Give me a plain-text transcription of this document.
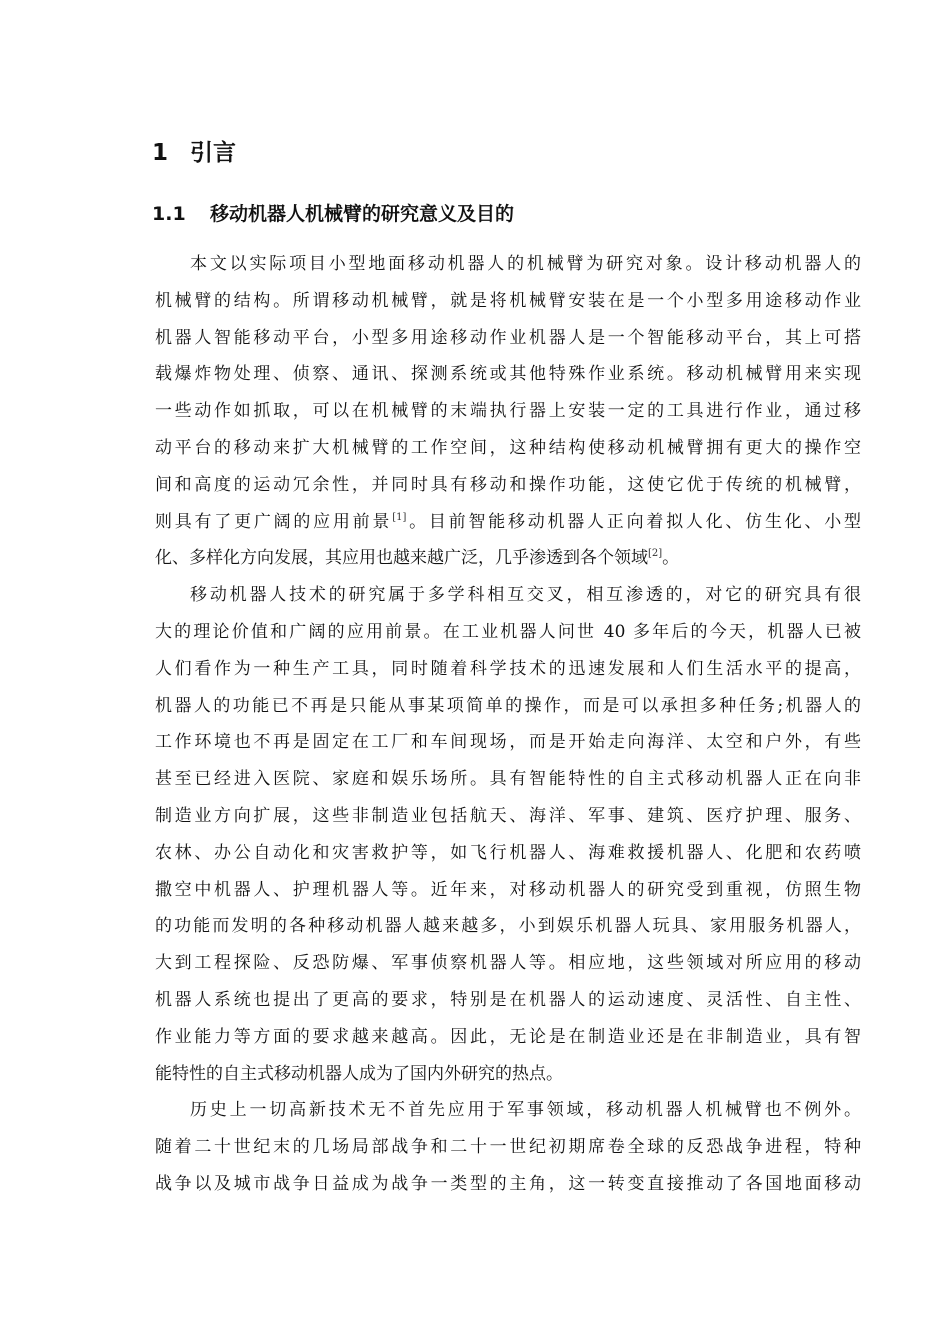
1 引言
1.1 移动机器人机械臂的研究意义及目的
本文以实际项目小型地面移动机器人的机械臂为研究对象。设计移动机器人的
机械臂的结构。所谓移动机械臂，就是将机械臂安装在是一个小型多用途移动作业
机器人智能移动平台，小型多用途移动作业机器人是一个智能移动平台，其上可搭
载爆炸物处理、侦察、通讯、探测系统或其他特殊作业系统。移动机械臂用来实现
一些动作如抓取，可以在机械臂的末端执行器上安装一定的工具进行作业，通过移
动平台的移动来扩大机械臂的工作空间，这种结构使移动机械臂拥有更大的操作空
间和高度的运动冗余性，并同时具有移动和操作功能，这使它优于传统的机械臂，
则具有了更广阔的应用前景[1]。目前智能移动机器人正向着拟人化、仿生化、小型
化、多样化方向发展，其应用也越来越广泛，几乎渗透到各个领域[2]。
移动机器人技术的研究属于多学科相互交叉，相互渗透的，对它的研究具有很
大的理论价值和广阔的应用前景。在工业机器人问世 40 多年后的今天，机器人已被
人们看作为一种生产工具，同时随着科学技术的迅速发展和人们生活水平的提高，
机器人的功能已不再是只能从事某项简单的操作，而是可以承担多种任务;机器人的
工作环境也不再是固定在工厂和车间现场，而是开始走向海洋、太空和户外，有些
甚至已经进入医院、家庭和娱乐场所。具有智能特性的自主式移动机器人正在向非
制造业方向扩展，这些非制造业包括航天、海洋、军事、建筑、医疗护理、服务、
农林、办公自动化和灾害救护等，如飞行机器人、海难救援机器人、化肥和农药喷
撒空中机器人、护理机器人等。近年来，对移动机器人的研究受到重视，仿照生物
的功能而发明的各种移动机器人越来越多，小到娱乐机器人玩具、家用服务机器人，
大到工程探险、反恐防爆、军事侦察机器人等。相应地，这些领域对所应用的移动
机器人系统也提出了更高的要求，特别是在机器人的运动速度、灵活性、自主性、
作业能力等方面的要求越来越高。因此，无论是在制造业还是在非制造业，具有智
能特性的自主式移动机器人成为了国内外研究的热点。
历史上一切高新技术无不首先应用于军事领域，移动机器人机械臂也不例外。
随着二十世纪末的几场局部战争和二十一世纪初期席卷全球的反恐战争进程，特种
战争以及城市战争日益成为战争一类型的主角，这一转变直接推动了各国地面移动
